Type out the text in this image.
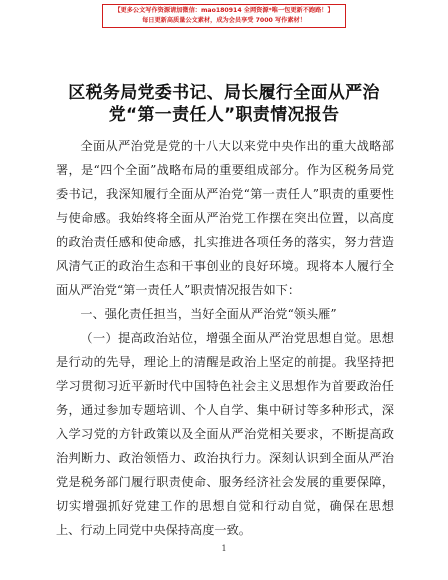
【更多公文写作资源请加微信：mao180914 全网资源*唯一包更新不跑路！】
每日更新高质量公文素材，成为会员享受 7000 写作素材！
区税务局党委书记、局长履行全面从严治
党“第一责任人”职责情况报告

全面从严治党是党的十八大以来党中央作出的重大战略部署，是“四个全面”战略布局的重要组成部分。作为区税务局党委书记，我深知履行全面从严治党“第一责任人”职责的重要性与使命感。我始终将全面从严治党工作摆在突出位置，以高度的政治责任感和使命感，扎实推进各项任务的落实，努力营造风清气正的政治生态和干事创业的良好环境。现将本人履行全面从严治党“第一责任人”职责情况报告如下：

一、强化责任担当，当好全面从严治党“领头雁”

（一）提高政治站位，增强全面从严治党思想自觉。思想是行动的先导，理论上的清醒是政治上坚定的前提。我坚持把学习贯彻习近平新时代中国特色社会主义思想作为首要政治任务，通过参加专题培训、个人自学、集中研讨等多种形式，深入学习党的方针政策以及全面从严治党相关要求，不断提高政治判断力、政治领悟力、政治执行力。深刻认识到全面从严治党是税务部门履行职责使命、服务经济社会发展的重要保障，切实增强抓好党建工作的思想自觉和行动自觉，确保在思想上、行动上同党中央保持高度一致。

1
